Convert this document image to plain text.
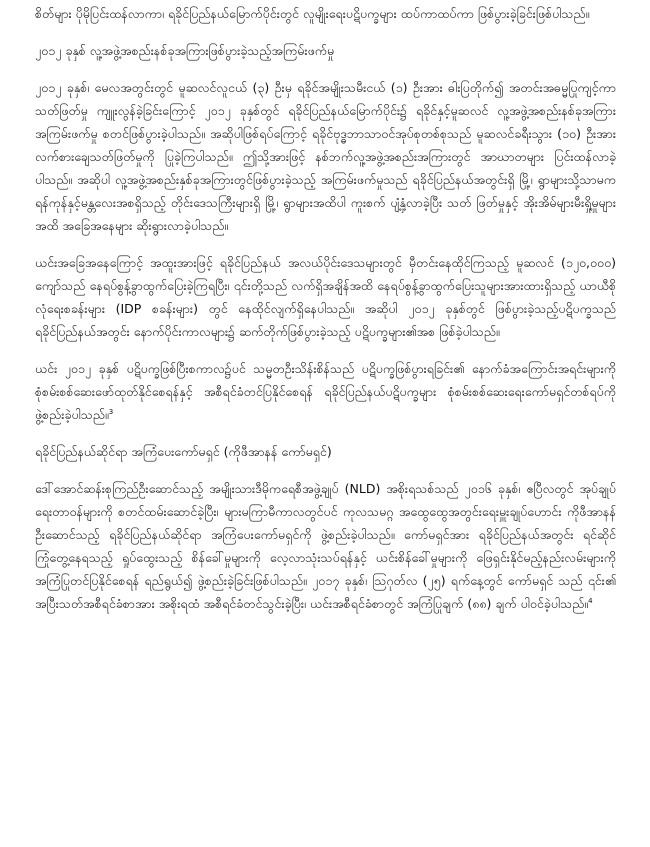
စိတ်များ ပိုမိုပြင်းထန်လာကာ၊ ရခိုင်ပြည်နယ်မြောက်ပိုင်းတွင် လူမျိုးရေးပဋိပက္ခများ ထပ်ကာထပ်ကာ ဖြစ်ပွားခဲ့ခြင်းဖြစ်ပါသည်။

၂၀၁၂ ခုနှစ် လူ့အဖွဲ့အစည်းနစ်ခုအကြားဖြစ်ပွားခဲ့သည့်အကြမ်းဖက်မှု

၂၀၁၂ ခုနှစ်၊ မေလအတွင်းတွင် မူဆလင်လူငယ် (၃) ဦးမှ ရခိုင်အမျိုးသမီးငယ် (၁) ဦးအား ဓါးပြတိုက်၍ အတင်းအဓမ္မပြုကျင့်ကာ သတ်ဖြတ်မှု ကျူးလွန်ခဲ့ခြင်းကြောင့် ၂၀၁၂ ခုနှစ်တွင် ရခိုင်ပြည်နယ်မြောက်ပိုင်း၌ ရခိုင်နှင့်မူဆလင် လူ့အဖွဲ့အစည်းနစ်ခုအကြား အကြမ်းဖက်မှု စတင်ဖြစ်ပွားခဲ့ပါသည်။ အဆိုပါဖြစ်ရပ်ကြောင့် ရခိုင်ဗုဒ္ဓဘာသာဝင်အုပ်စုတစ်စုသည် မူဆလင်ခရီးသွား (၁၀) ဦးအား လက်စားချေသတ်ဖြတ်မှုကို ပြုခဲ့ကြပါသည်။ ဤသို့အားဖြင့် နစ်ဘက်လူ့အဖွဲ့အစည်းအကြားတွင် အာဃာတများ ပြင်းထန်လာခဲ့ပါသည်။ အဆိုပါ လူ့အဖွဲ့အစည်းနှစ်ခုအကြားတွင်ဖြစ်ပွားခဲ့သည့် အကြမ်းဖက်မှုသည် ရခိုင်ပြည်နယ်အတွင်းရှိ မြို့၊ ရွာများသို့သာမက ရန်ကုန်နှင့်မန္တလေးအစရှိသည့် တိုင်းဒေသကြီးများရှိ မြို့၊ ရွာများအထိပါ ကူးစက် ပျံ့နှံ့လာခဲ့ပြီး သတ် ဖြတ်မှုနှင့် အိုးအိမ်များမီးရှို့မှုများအထိ အခြေအနေများ ဆိုးရွားလာခဲ့ပါသည်။

ယင်းအခြေအနေကြောင့် အထူးအားဖြင့် ရခိုင်ပြည်နယ် အလယ်ပိုင်းဒေသများတွင် မှီတင်းနေထိုင်ကြသည့် မူဆလင် (၁၂၀,၀၀၀) ကျော်သည် နေရပ်စွန့်ခွာထွက်ပြေးခဲ့ကြရပြီး၊ ၎င်းတို့သည် လက်ရှိအချိန်အထိ နေရပ်စွန့်ခွာထွက်ပြေးသူများအားထားရှိသည့် ယာယီစိုလုံရေးစခန်းများ (IDP စခန်းများ) တွင် နေထိုင်လျက်ရှိနေပါသည်။ အဆိုပါ ၂၀၁၂ ခုနှစ်တွင် ဖြစ်ပွားခဲ့သည့်ပဋိပက္ခသည် ရခိုင်ပြည်နယ်အတွင်း နောက်ပိုင်းကာလများ၌ ဆက်တိုက်ဖြစ်ပွားခဲ့သည့် ပဋိပက္ခများ၏အစ ဖြစ်ခဲ့ပါသည်။

ယင်း ၂၀၁၂ ခုနှစ် ပဋိပက္ခဖြစ်ပြီးစကာလ၌ပင် သမ္မတဦးသိန်းစိန်သည် ပဋိပက္ခဖြစ်ပွားရခြင်း၏ နောက်ခံအကြောင်းအရင်းများကို စုံစမ်းစစ်ဆေးဖော်ထုတ်နိုင်စေရန်နှင့် အစီရင်ခံတင်ပြနိုင်စေရန် ရခိုင်ပြည်နယ်ပဋိပက္ခများ စုံစမ်းစစ်ဆေးရေးကော်မရှင်တစ်ရပ်ကို ဖွဲ့စည်းခဲ့ပါသည်။$^3$

ရခိုင်ပြည်နယ်ဆိုင်ရာ အကြံပေးကော်မရှင် (ကိုဖီအာနန် ကော်မရှင်)

ဒေါ်အောင်ဆန်းစုကြည်ဦးဆောင်သည့် အမျိုးသားဒီမိုကရေစီအဖွဲ့ချုပ် (NLD) အစိုးရသစ်သည် ၂၀၁၆ ခုနှစ်၊ ဧပြီလတွင် အုပ်ချုပ်ရေးတာဝန်များကို စတင်ထမ်းဆောင်ခဲ့ပြီး၊ များမကြာမီကာလတွင်ပင် ကုလသမဂ္ဂ အထွေထွေအတွင်းရေးမှူးချုပ်ဟောင်း ကိုဖီအာနန်ဦးဆောင်သည့် ရခိုင်ပြည်နယ်ဆိုင်ရာ အကြံပေးကော်မရှင်ကို ဖွဲ့စည်းခဲ့ပါသည်။ ကော်မရှင်အား ရခိုင်ပြည်နယ်အတွင်း ရင်ဆိုင်ကြုံတွေ့နေရသည့် ရှုပ်ထွေးသည့် စိန်ခေါ်မှုများကို လေ့လာသုံးသပ်ရန်နှင့် ယင်းစိန်ခေါ်မှုများကို ဖြေရှင်းနိုင်မည့်နည်းလမ်းများကို အကြံပြုတင်ပြနိုင်စေရန် ရည်ရွယ်၍ ဖွဲ့စည်းခဲ့ခြင်းဖြစ်ပါသည်။ ၂၀၁၇ ခုနှစ်၊ ဩဂုတ်လ (၂၅) ရက်နေ့တွင် ကော်မရှင် သည် ၎င်း၏ အပြီးသတ်အစီရင်ခံစာအား အစိုးရထံ အစီရင်ခံတင်သွင်းခဲ့ပြီး၊ ယင်းအစီရင်ခံစာတွင် အကြံပြုချက် (၈၈) ချက် ပါဝင်ခဲ့ပါသည်။$^4$
